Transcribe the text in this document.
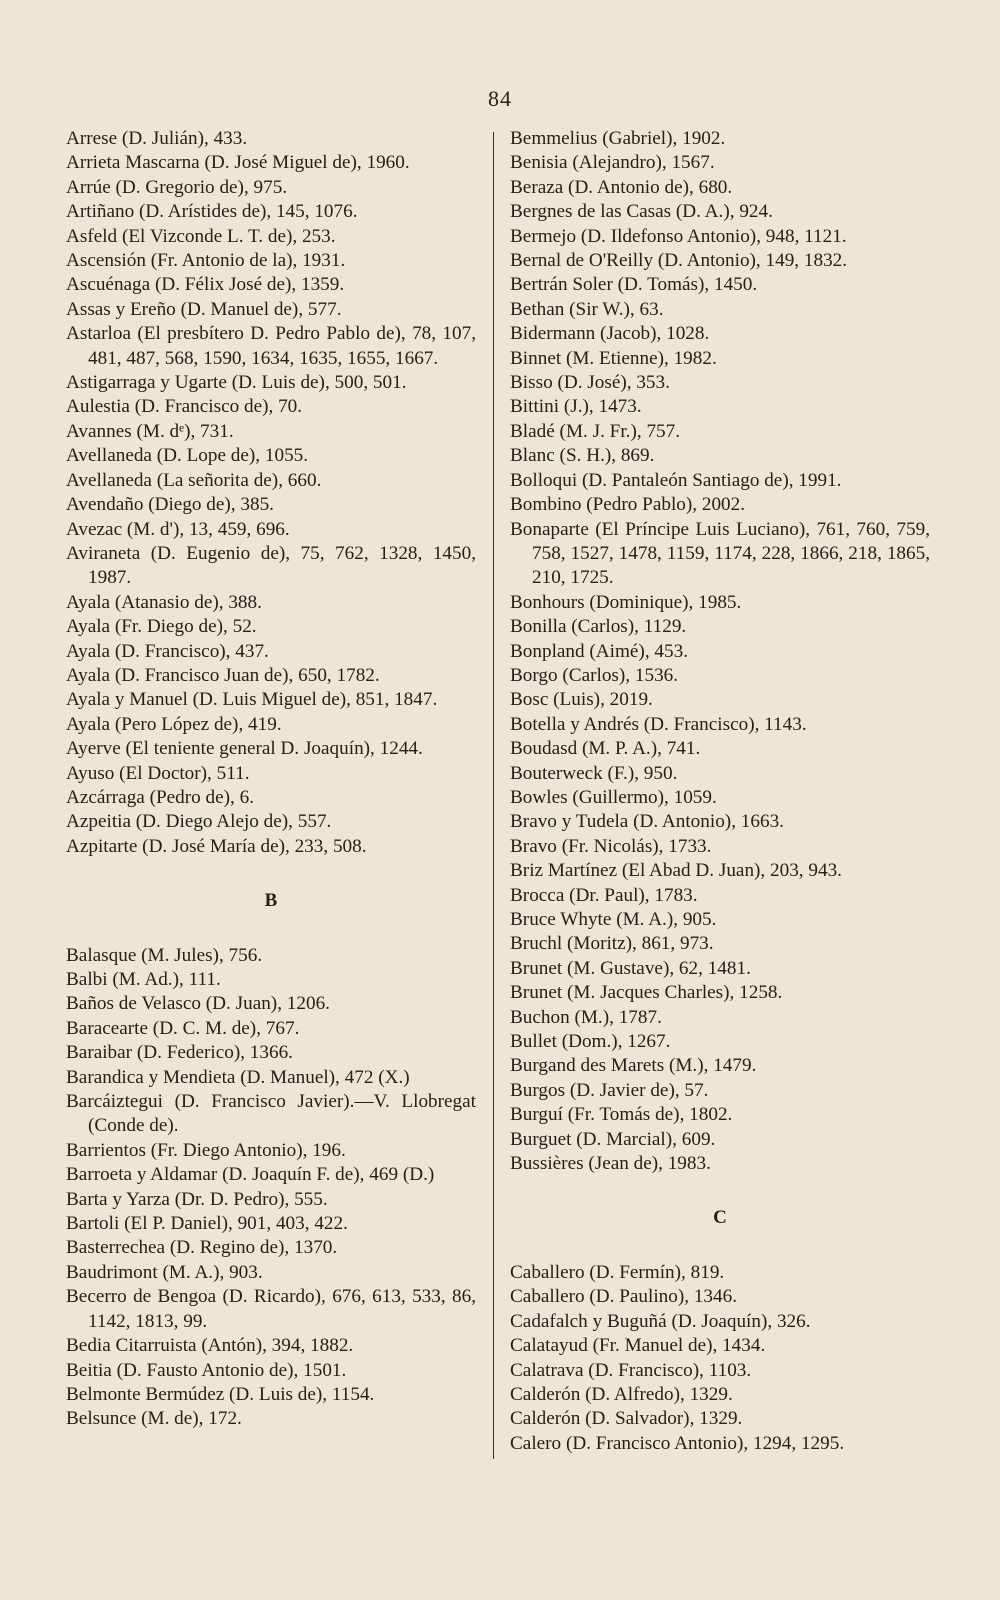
84
Arrese (D. Julián), 433.
Arrieta Mascarna (D. José Miguel de), 1960.
Arrúe (D. Gregorio de), 975.
Artiñano (D. Arístides de), 145, 1076.
Asfeld (El Vizconde L. T. de), 253.
Ascensión (Fr. Antonio de la), 1931.
Ascuénaga (D. Félix José de), 1359.
Assas y Ereño (D. Manuel de), 577.
Astarloa (El presbítero D. Pedro Pablo de), 78, 107, 481, 487, 568, 1590, 1634, 1635, 1655, 1667.
Astigarraga y Ugarte (D. Luis de), 500, 501.
Aulestia (D. Francisco de), 70.
Avannes (M. dᵉ), 731.
Avellaneda (D. Lope de), 1055.
Avellaneda (La señorita de), 660.
Avendaño (Diego de), 385.
Avezac (M. d'), 13, 459, 696.
Aviraneta (D. Eugenio de), 75, 762, 1328, 1450, 1987.
Ayala (Atanasio de), 388.
Ayala (Fr. Diego de), 52.
Ayala (D. Francisco), 437.
Ayala (D. Francisco Juan de), 650, 1782.
Ayala y Manuel (D. Luis Miguel de), 851, 1847.
Ayala (Pero López de), 419.
Ayerve (El teniente general D. Joaquín), 1244.
Ayuso (El Doctor), 511.
Azcárraga (Pedro de), 6.
Azpeitia (D. Diego Alejo de), 557.
Azpitarte (D. José María de), 233, 508.
B
Balasque (M. Jules), 756.
Balbi (M. Ad.), 111.
Baños de Velasco (D. Juan), 1206.
Baracearte (D. C. M. de), 767.
Baraibar (D. Federico), 1366.
Barandica y Mendieta (D. Manuel), 472 (X.)
Barcáiztegui (D. Francisco Javier).—V. Llobregat (Conde de).
Barrientos (Fr. Diego Antonio), 196.
Barroeta y Aldamar (D. Joaquín F. de), 469 (D.)
Barta y Yarza (Dr. D. Pedro), 555.
Bartoli (El P. Daniel), 901, 403, 422.
Basterrechea (D. Regino de), 1370.
Baudrimont (M. A.), 903.
Becerro de Bengoa (D. Ricardo), 676, 613, 533, 86, 1142, 1813, 99.
Bedia Citarruista (Antón), 394, 1882.
Beitia (D. Fausto Antonio de), 1501.
Belmonte Bermúdez (D. Luis de), 1154.
Belsunce (M. de), 172.
Bemmelius (Gabriel), 1902.
Benisia (Alejandro), 1567.
Beraza (D. Antonio de), 680.
Bergnes de las Casas (D. A.), 924.
Bermejo (D. Ildefonso Antonio), 948, 1121.
Bernal de O'Reilly (D. Antonio), 149, 1832.
Bertrán Soler (D. Tomás), 1450.
Bethan (Sir W.), 63.
Bidermann (Jacob), 1028.
Binnet (M. Etienne), 1982.
Bisso (D. José), 353.
Bittini (J.), 1473.
Bladé (M. J. Fr.), 757.
Blanc (S. H.), 869.
Bolloqui (D. Pantaleón Santiago de), 1991.
Bombino (Pedro Pablo), 2002.
Bonaparte (El Príncipe Luis Luciano), 761, 760, 759, 758, 1527, 1478, 1159, 1174, 228, 1866, 218, 1865, 210, 1725.
Bonhours (Dominique), 1985.
Bonilla (Carlos), 1129.
Bonpland (Aimé), 453.
Borgo (Carlos), 1536.
Bosc (Luis), 2019.
Botella y Andrés (D. Francisco), 1143.
Boudasd (M. P. A.), 741.
Bouterweck (F.), 950.
Bowles (Guillermo), 1059.
Bravo y Tudela (D. Antonio), 1663.
Bravo (Fr. Nicolás), 1733.
Briz Martínez (El Abad D. Juan), 203, 943.
Brocca (Dr. Paul), 1783.
Bruce Whyte (M. A.), 905.
Bruchl (Moritz), 861, 973.
Brunet (M. Gustave), 62, 1481.
Brunet (M. Jacques Charles), 1258.
Buchon (M.), 1787.
Bullet (Dom.), 1267.
Burgand des Marets (M.), 1479.
Burgos (D. Javier de), 57.
Burguí (Fr. Tomás de), 1802.
Burguet (D. Marcial), 609.
Bussières (Jean de), 1983.
C
Caballero (D. Fermín), 819.
Caballero (D. Paulino), 1346.
Cadafalch y Buguñá (D. Joaquín), 326.
Calatayud (Fr. Manuel de), 1434.
Calatrava (D. Francisco), 1103.
Calderón (D. Alfredo), 1329.
Calderón (D. Salvador), 1329.
Calero (D. Francisco Antonio), 1294, 1295.
